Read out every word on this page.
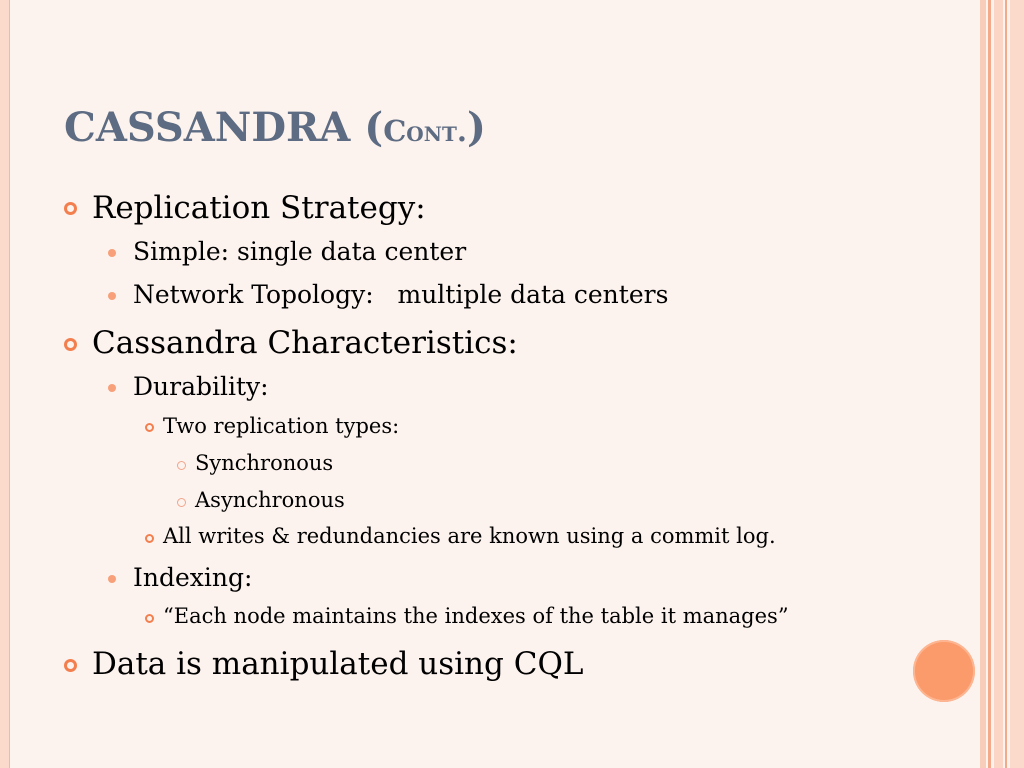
CASSANDRA (Cont.)
Replication Strategy:
Simple: single data center
Network Topology:   multiple data centers
Cassandra Characteristics:
Durability:
Two replication types:
Synchronous
Asynchronous
All writes & redundancies are known using a commit log.
Indexing:
“Each node maintains the indexes of the table it manages”
Data is manipulated using CQL
